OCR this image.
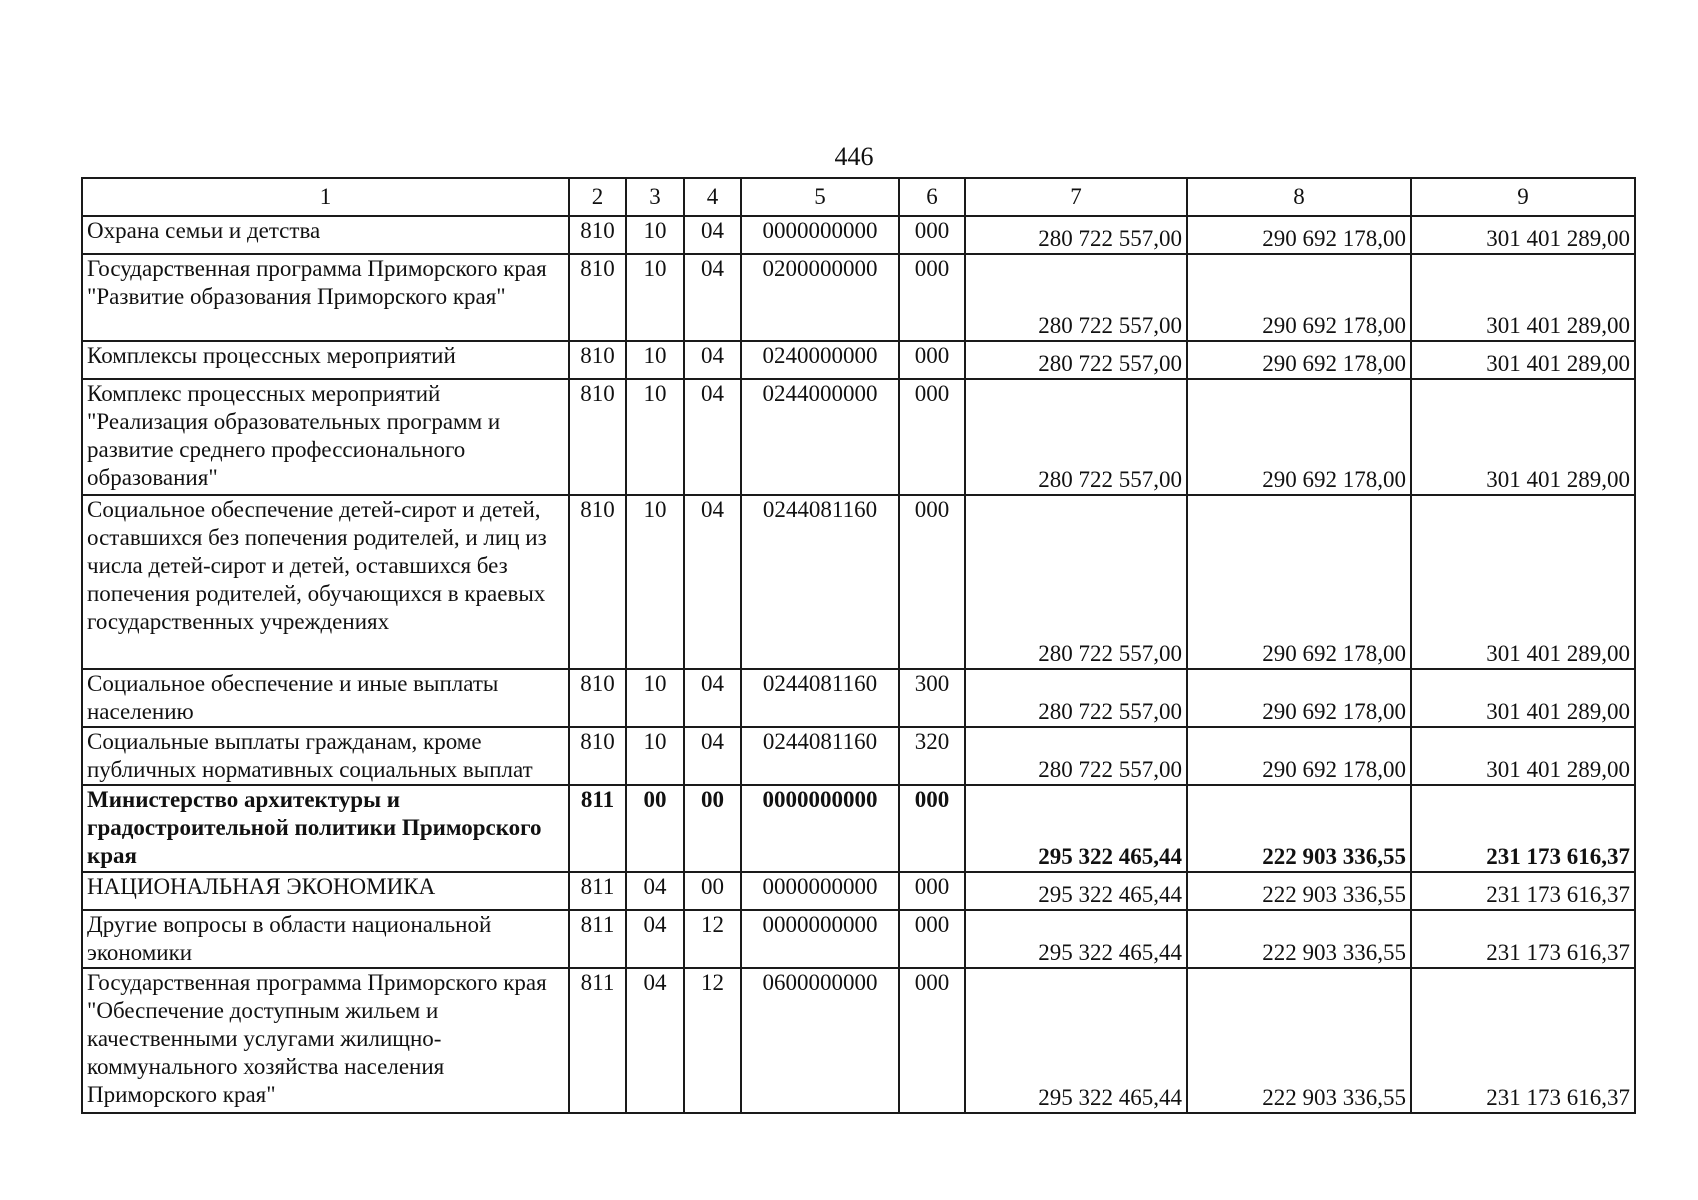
446
1	2	3	4	5	6	7	8	9
Охрана семьи и детства	810	10	04	0000000000	000	280 722 557,00	290 692 178,00	301 401 289,00
Государственная программа Приморского края "Развитие образования Приморского края"	810	10	04	0200000000	000	280 722 557,00	290 692 178,00	301 401 289,00
Комплексы процессных мероприятий	810	10	04	0240000000	000	280 722 557,00	290 692 178,00	301 401 289,00
Комплекс процессных мероприятий "Реализация образовательных программ и развитие среднего профессионального образования"	810	10	04	0244000000	000	280 722 557,00	290 692 178,00	301 401 289,00
Социальное обеспечение детей-сирот и детей, оставшихся без попечения родителей, и лиц из числа детей-сирот и детей, оставшихся без попечения родителей, обучающихся в краевых государственных учреждениях	810	10	04	0244081160	000	280 722 557,00	290 692 178,00	301 401 289,00
Социальное обеспечение и иные выплаты населению	810	10	04	0244081160	300	280 722 557,00	290 692 178,00	301 401 289,00
Социальные выплаты гражданам, кроме публичных нормативных социальных выплат	810	10	04	0244081160	320	280 722 557,00	290 692 178,00	301 401 289,00
Министерство архитектуры и градостроительной политики Приморского края	811	00	00	0000000000	000	295 322 465,44	222 903 336,55	231 173 616,37
НАЦИОНАЛЬНАЯ ЭКОНОМИКА	811	04	00	0000000000	000	295 322 465,44	222 903 336,55	231 173 616,37
Другие вопросы в области национальной экономики	811	04	12	0000000000	000	295 322 465,44	222 903 336,55	231 173 616,37
Государственная программа Приморского края "Обеспечение доступным жильем и качественными услугами жилищно-коммунального хозяйства населения Приморского края"	811	04	12	0600000000	000	295 322 465,44	222 903 336,55	231 173 616,37
